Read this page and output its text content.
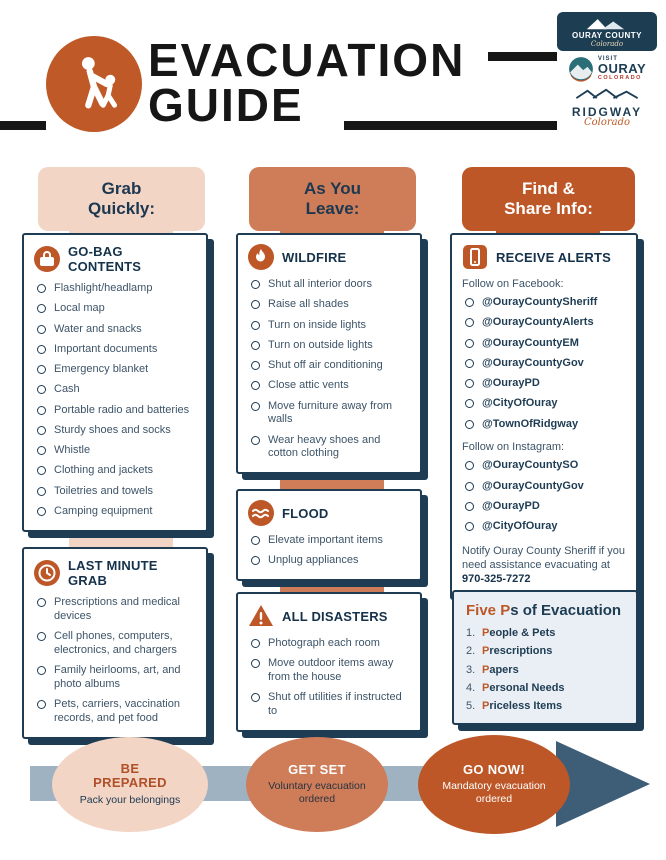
EVACUATION
GUIDE
OURAY COUNTY
Colorado
VISIT
OURAY
COLORADO
RIDGWAY
Colorado
Grab
Quickly:
As You
Leave:
Find &
Share Info:
GO-BAG CONTENTS
Flashlight/headlamp
Local map
Water and snacks
Important documents
Emergency blanket
Cash
Portable radio and batteries
Sturdy shoes and socks
Whistle
Clothing and jackets
Toiletries and towels
Camping equipment
LAST MINUTE GRAB
Prescriptions and medical devices
Cell phones, computers, electronics, and chargers
Family heirlooms, art, and photo albums
Pets, carriers, vaccination records, and pet food
WILDFIRE
Shut all interior doors
Raise all shades
Turn on inside lights
Turn on outside lights
Shut off air conditioning
Close attic vents
Move furniture away from walls
Wear heavy shoes and cotton clothing
FLOOD
Elevate important items
Unplug appliances
ALL DISASTERS
Photograph each room
Move outdoor items away from the house
Shut off utilities if instructed to
RECEIVE ALERTS
Follow on Facebook:
@OurayCountySheriff
@OurayCountyAlerts
@OurayCountyEM
@OurayCountyGov
@OurayPD
@CityOfOuray
@TownOfRidgway
Follow on Instagram:
@OurayCountySO
@OurayCountyGov
@OurayPD
@CityOfOuray

Notify Ouray County Sheriff if you need assistance evacuating at 970-325-7272

Five Ps of Evacuation
1. P eople & Pets
2. P rescriptions
3. P apers
4. P ersonal Needs
5. P riceless Items
BE PREPARED
Pack your belongings
GET SET
Voluntary evacuation ordered
GO NOW!
Mandatory evacuation ordered
